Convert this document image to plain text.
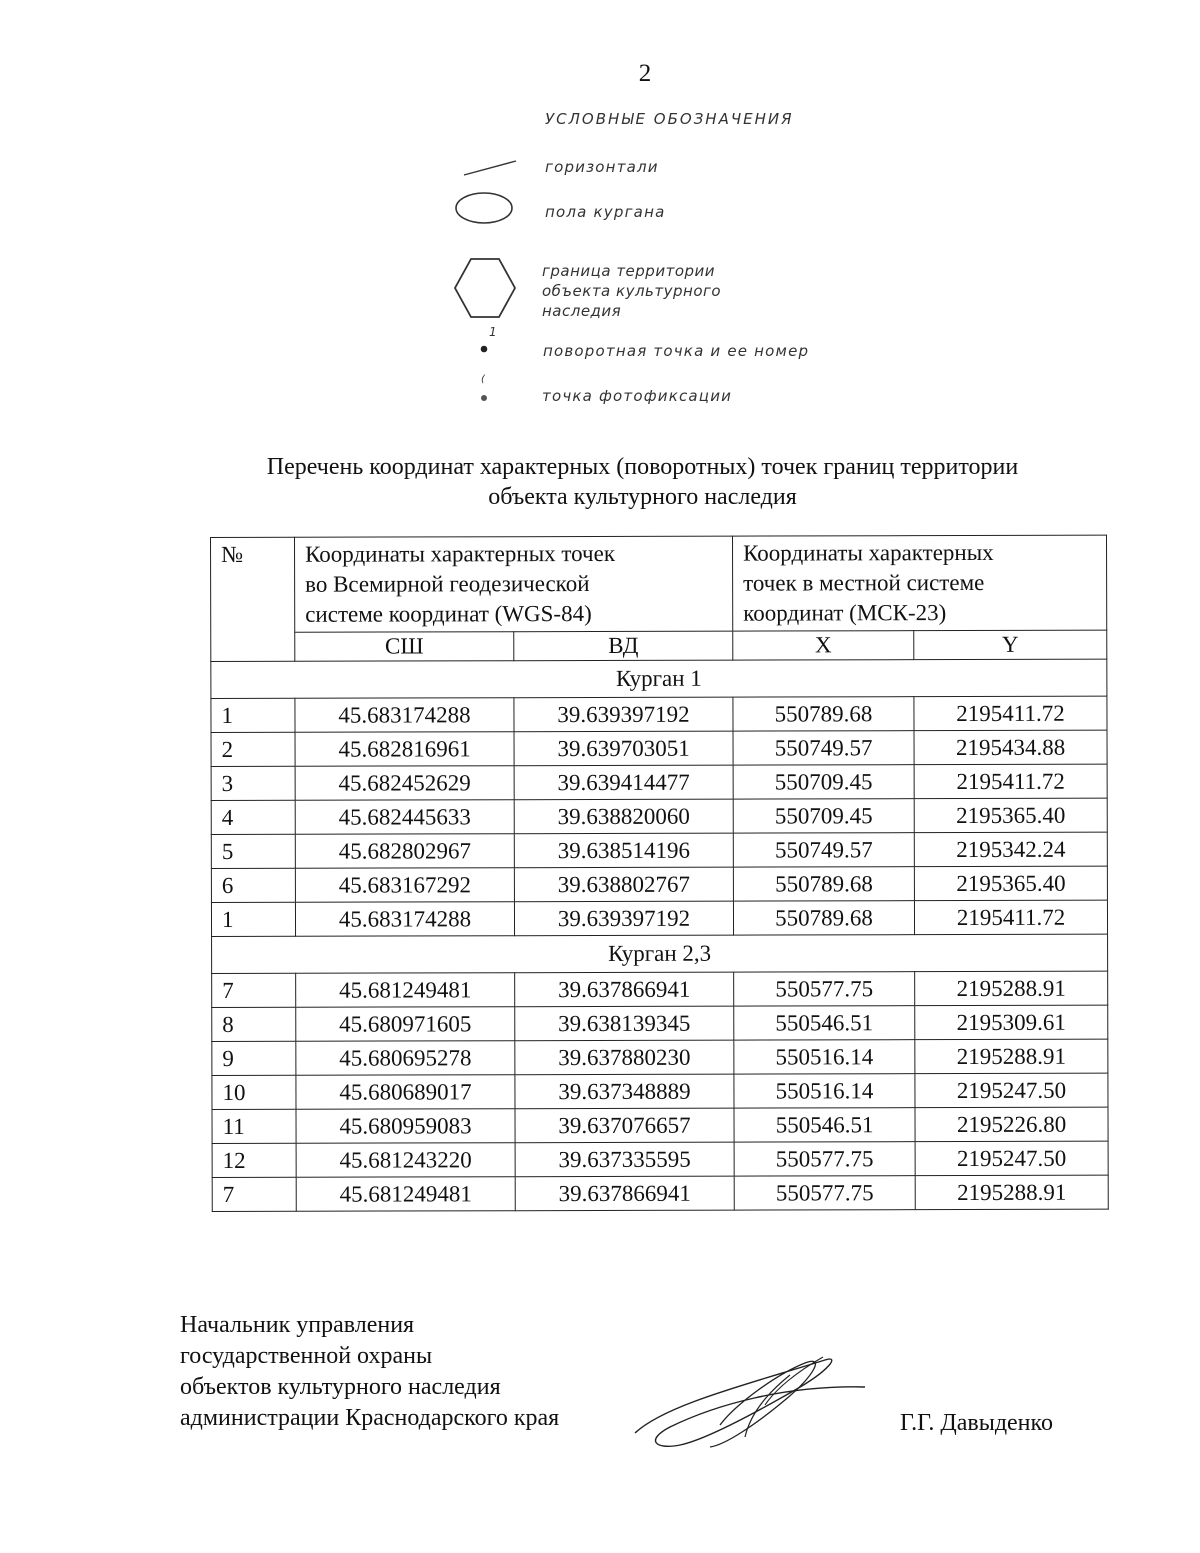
2
УСЛОВНЫЕ ОБОЗНАЧЕНИЯ
горизонтали
пола кургана
граница территории
объекта культурного
наследия
1
поворотная точка и ее номер
(
точка фотофиксации
Перечень координат характерных (поворотных) точек границ территории
объекта культурного наследия
№	Координаты характерных точек
во Всемирной геодезической
системе координат (WGS-84)		Координаты характерных
точек в местной системе
координат (МСК-23)	

	СШ	ВД	X	Y
Курган 1				
1	45.683174288	39.639397192	550789.68	2195411.72
2	45.682816961	39.639703051	550749.57	2195434.88
3	45.682452629	39.639414477	550709.45	2195411.72
4	45.682445633	39.638820060	550709.45	2195365.40
5	45.682802967	39.638514196	550749.57	2195342.24
6	45.683167292	39.638802767	550789.68	2195365.40
1	45.683174288	39.639397192	550789.68	2195411.72
Курган 2,3				
7	45.681249481	39.637866941	550577.75	2195288.91
8	45.680971605	39.638139345	550546.51	2195309.61
9	45.680695278	39.637880230	550516.14	2195288.91
10	45.680689017	39.637348889	550516.14	2195247.50
11	45.680959083	39.637076657	550546.51	2195226.80
12	45.681243220	39.637335595	550577.75	2195247.50
7	45.681249481	39.637866941	550577.75	2195288.91
Начальник управления
государственной охраны
объектов культурного наследия
администрации Краснодарского края	Г.Г. Давыденко
